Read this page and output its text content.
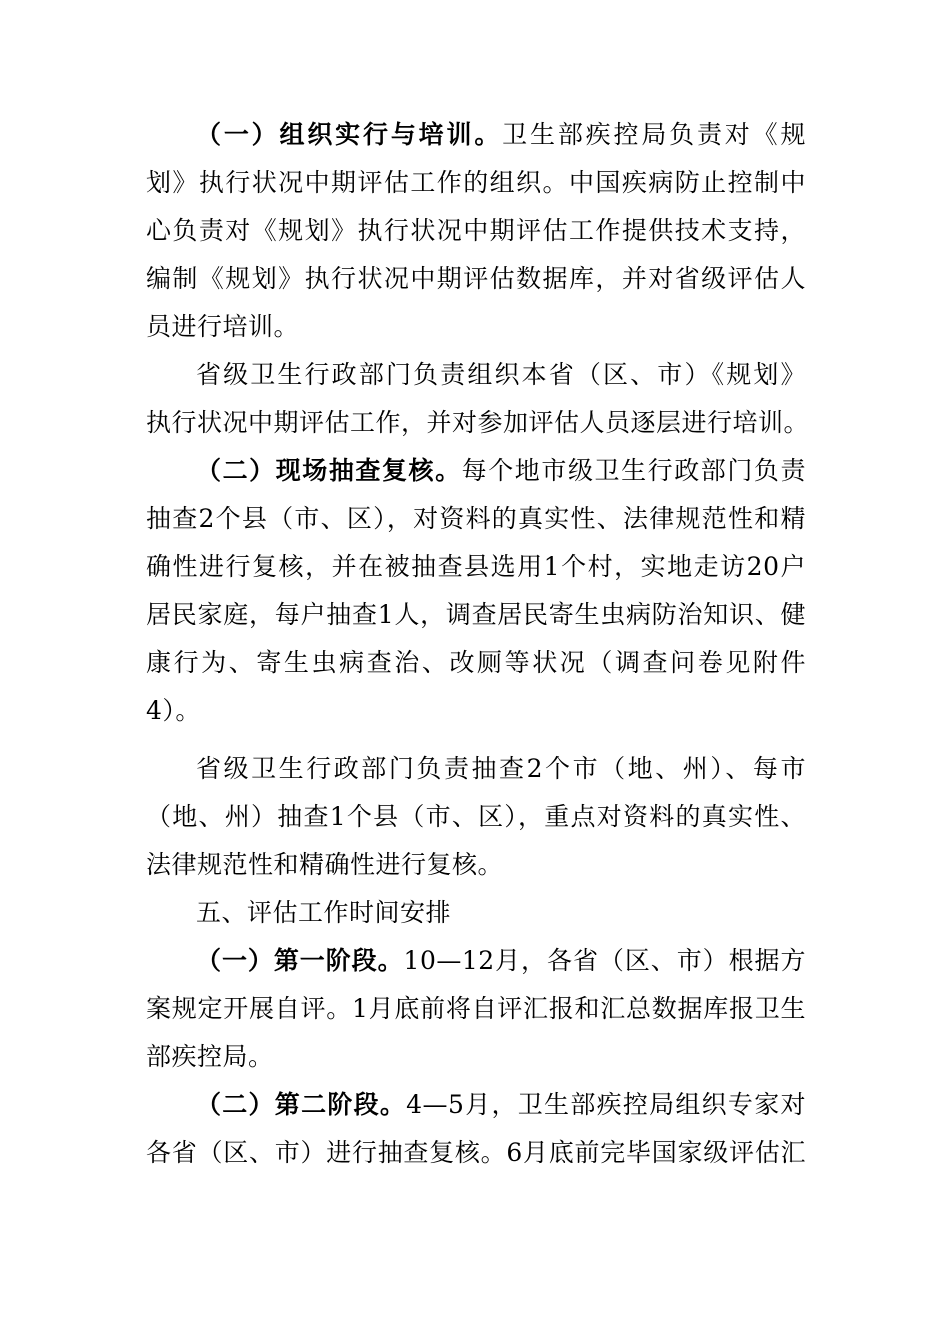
（一）组织实行与培训。卫生部疾控局负责对《规
划》执行状况中期评估工作的组织。中国疾病防止控制中
心负责对《规划》执行状况中期评估工作提供技术支持，
编制《规划》执行状况中期评估数据库，并对省级评估人
员进行培训。
省级卫生行政部门负责组织本省（区、市）《规划》
执行状况中期评估工作，并对参加评估人员逐层进行培训。
（二）现场抽查复核。每个地市级卫生行政部门负责
抽查2个县（市、区），对资料的真实性、法律规范性和精
确性进行复核，并在被抽查县选用1个村，实地走访20户
居民家庭，每户抽查1人，调查居民寄生虫病防治知识、健
康行为、寄生虫病查治、改厕等状况（调查问卷见附件
4）。
省级卫生行政部门负责抽查2个市（地、州）、每市
（地、州）抽查1个县（市、区），重点对资料的真实性、
法律规范性和精确性进行复核。
五、评估工作时间安排
（一）第一阶段。10—12月，各省（区、市）根据方
案规定开展自评。1月底前将自评汇报和汇总数据库报卫生
部疾控局。
（二）第二阶段。4—5月，卫生部疾控局组织专家对
各省（区、市）进行抽查复核。6月底前完毕国家级评估汇
